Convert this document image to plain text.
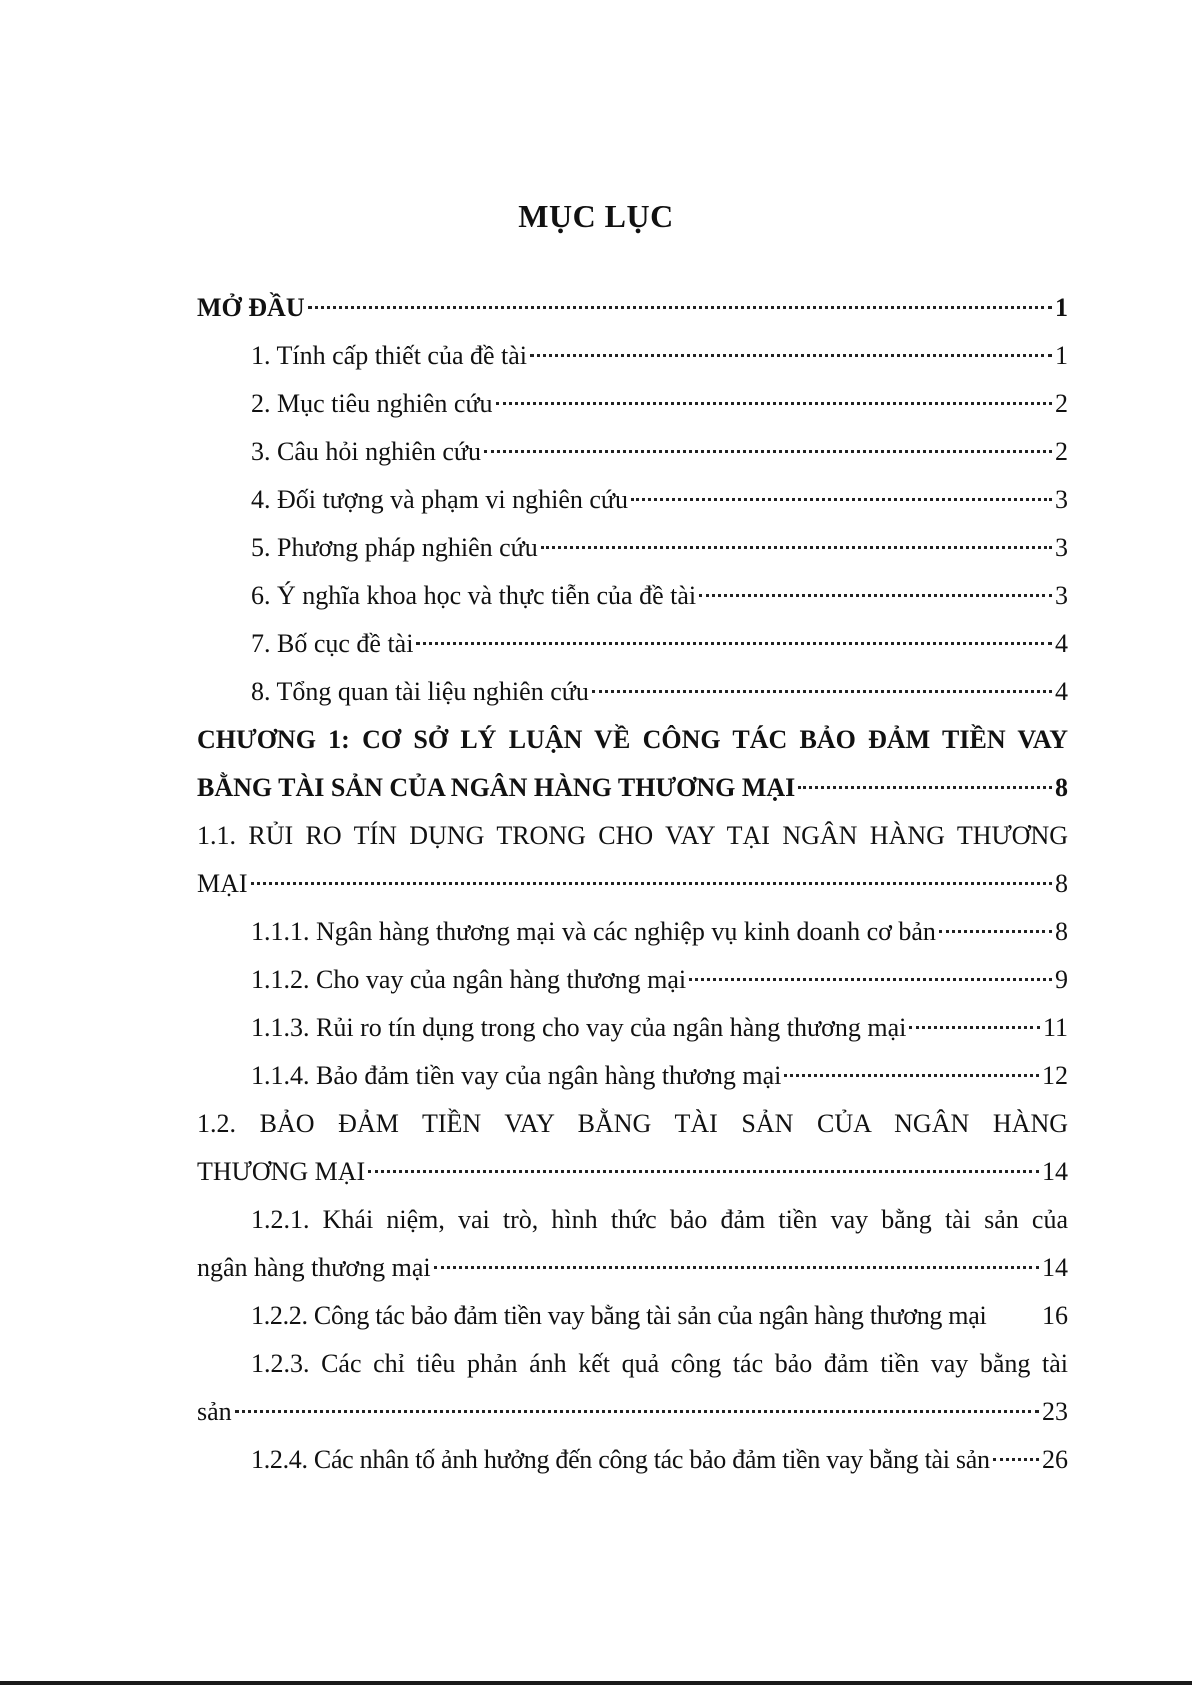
MỤC LỤC
MỞ ĐẦU	1
1. Tính cấp thiết của đề tài	1
2. Mục tiêu nghiên cứu	2
3. Câu hỏi nghiên cứu	2
4. Đối tượng và phạm vi nghiên cứu	3
5. Phương pháp nghiên cứu	3
6. Ý nghĩa khoa học và thực tiễn của đề tài	3
7. Bố cục đề tài	4
8. Tổng quan tài liệu nghiên cứu	4
CHƯƠNG 1: CƠ SỞ LÝ LUẬN VỀ CÔNG TÁC BẢO ĐẢM TIỀN VAY
BẰNG TÀI SẢN CỦA NGÂN HÀNG THƯƠNG MẠI	8
1.1. RỦI RO TÍN DỤNG TRONG CHO VAY TẠI NGÂN HÀNG THƯƠNG
MẠI	8
1.1.1. Ngân hàng thương mại và các nghiệp vụ kinh doanh cơ bản	8
1.1.2. Cho vay của ngân hàng thương mại	9
1.1.3. Rủi ro tín dụng trong cho vay của ngân hàng thương mại	11
1.1.4. Bảo đảm tiền vay của ngân hàng thương mại	12
1.2. BẢO ĐẢM TIỀN VAY BẰNG TÀI SẢN CỦA NGÂN HÀNG
THƯƠNG MẠI	14
1.2.1. Khái niệm, vai trò, hình thức bảo đảm tiền vay bằng tài sản của
ngân hàng thương mại	14
1.2.2. Công tác bảo đảm tiền vay bằng tài sản của ngân hàng thương mại 16
1.2.3. Các chỉ tiêu phản ánh kết quả công tác bảo đảm tiền vay bằng tài
sản	23
1.2.4. Các nhân tố ảnh hưởng đến công tác bảo đảm tiền vay bằng tài sản 26
